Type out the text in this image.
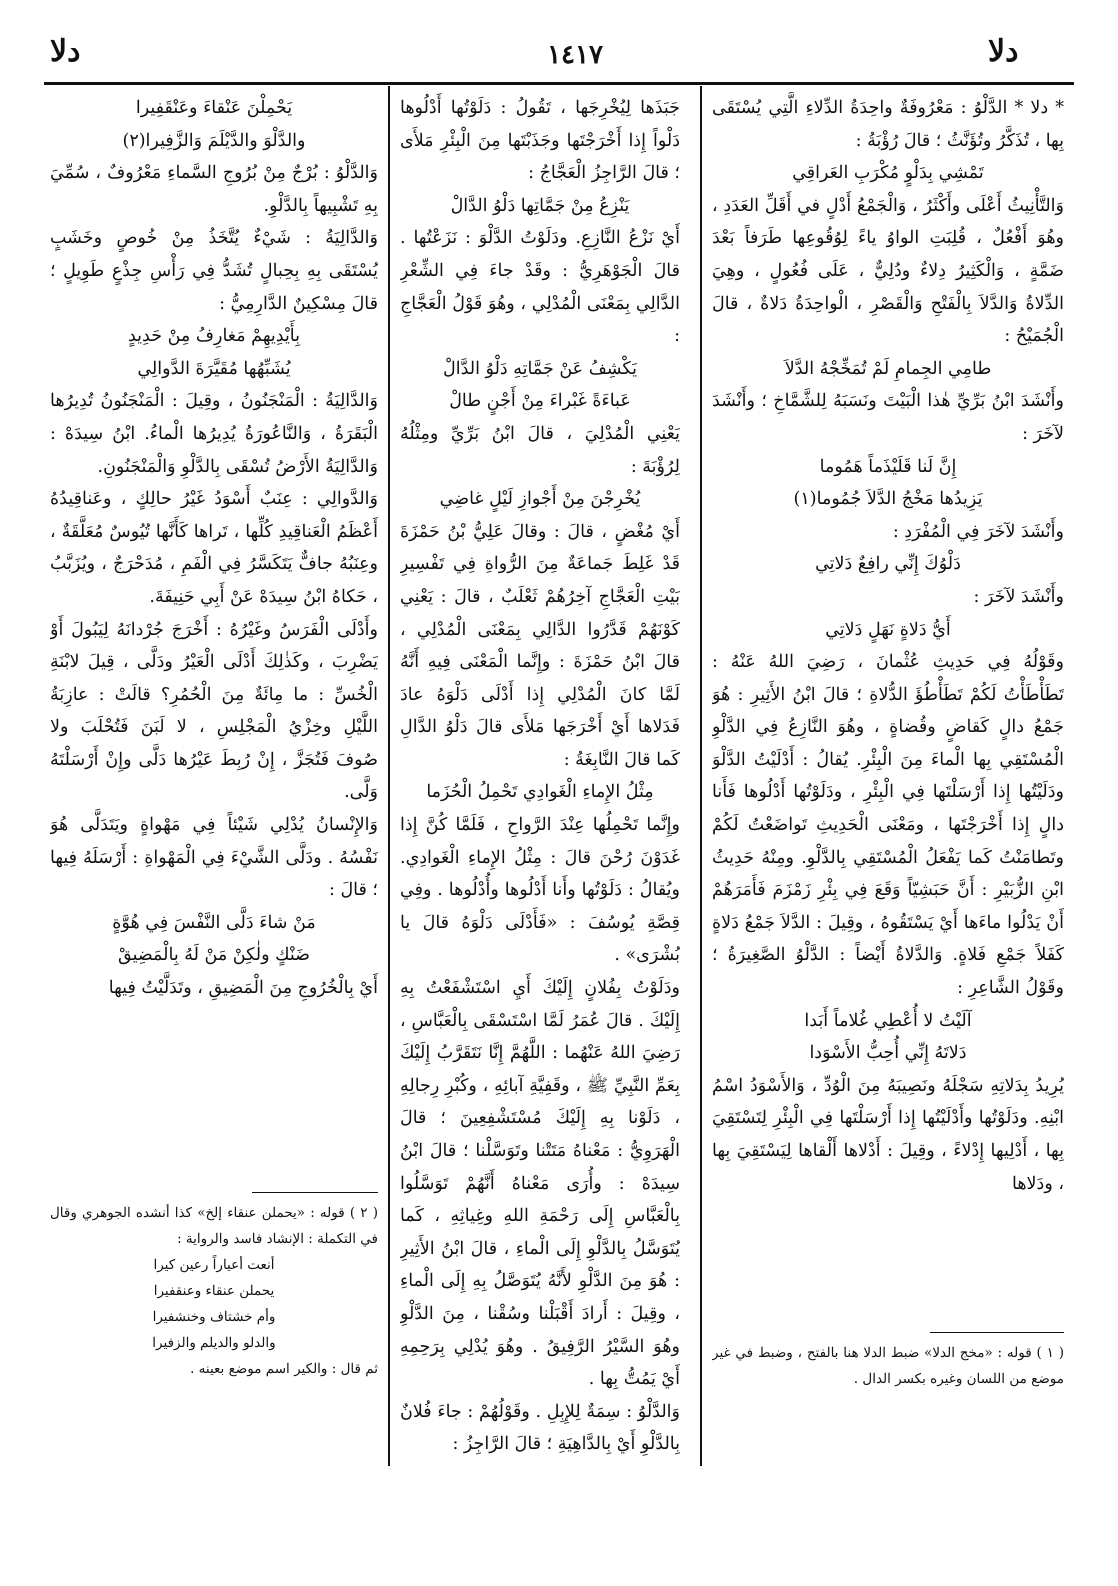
دلا
١٤١٧
دلا

* دلا * الدَّلْوُ : مَعْرُوفَةٌ واحِدَةُ الدِّلاءِ الَّتِي يُسْتَقَى بِها ، تُذَكَّرُ وتُؤَنَّثُ ؛ قالَ رُؤْبَةُ :

تَمْشِي بِدَلْوٍ مُكْرَبِ العَراقِي

وَالتَّأْنِيثُ أَعْلَى وأَكْثَرُ ، وَالْجَمْعُ أَدْلٍ في أَقَلِّ العَدَدِ ، وهُوَ أَفْعُلٌ ، قُلِبَتِ الواوُ ياءً لِوُقُوعِها طَرَفاً بَعْدَ ضَمَّةٍ ، وَالْكَثِيرُ دِلاءٌ ودُلِيٌّ ، عَلَى فُعُولٍ ، وهِيَ الدِّلاةُ وَالدَّلاَ بِالْفَتْحِ وَالْقَصْرِ ، الْواحِدَةُ دَلاةٌ ، قالَ الْجُمَيْحُ :

طامِي الجِمامِ لَمْ تُمَخِّجْهُ الدَّلاَ

وأَنْشَدَ ابْنُ بَرِّيِّ هٰذا الْبَيْتَ ونَسَبَهُ لِلشَّمَّاخِ ؛ وأَنْشَدَ لآخَرَ :

إِنَّ لَنا قَلَيْذَماً هَمُوما

يَزِيدُها مَخْجُ الدَّلاَ جُمُوما(١)

وأَنْشَدَ لآخَرَ فِي الْمُفْرَدِ :

دَلْوُكَ إِنِّي رافِعٌ دَلاتِي

وأَنْشَدَ لآخَرَ :

أَيُّ دَلاةٍ نَهَلٍ دَلاتِي

وقَوْلُهُ فِي حَدِيثِ عُثْمانَ ، رَضِيَ اللهُ عَنْهُ : تَطَأْطَأْتُ لَكُمْ تَطَأْطُؤَ الدُّلاةِ ؛ قالَ ابْنُ الأَثِيرِ : هُوَ جَمْعُ دالٍ كَقاضٍ وقُضاةٍ ، وهُوَ النَّازِعُ فِي الدَّلْوِ الْمُسْتَقِي بِها الْماءَ مِنَ الْبِئْرِ. يُقالُ : أَدْلَيْتُ الدَّلْوَ ودَلَيْتُها إِذا أَرْسَلْتَها فِي الْبِئْرِ ، ودَلَوْتُها أَدْلُوها فَأَنا دالٍ إِذا أَخْرَجْتَها ، ومَعْنَى الْحَدِيثِ تَواضَعْتُ لَكُمْ وتَطامَنْتُ كَما يَفْعَلُ الْمُسْتَقِي بِالدَّلْوِ. ومِنْهُ حَدِيثُ ابْنِ الزُّبَيْرِ : أَنَّ حَبَشِيّاً وَقَعَ فِي بِئْرِ زَمْزَمَ فَأَمَرَهُمْ أَنْ يَدْلُوا ماءَها أَيْ يَسْتَقُوهُ ، وقِيلَ : الدَّلاَ جَمْعُ دَلاةٍ كَفَلاً جَمْعِ فَلاةٍ. وَالدَّلاةُ أَيْضاً : الدَّلْوُ الصَّغِيرَةُ ؛ وقَوْلُ الشَّاعِرِ :

آلَيْتُ لا أُعْطِي غُلاماً أَبَدا

دَلاتَهُ إِنِّي أُحِبُّ الأَسْوَدا

يُرِيدُ بِدَلاتِهِ سَجْلَهُ ونَصِيبَهُ مِنَ الْوُدِّ ، وَالأَسْوَدُ اسْمُ ابْنِهِ. ودَلَوْتُها وأَدْلَيْتُها إِذا أَرْسَلْتَها فِي الْبِئْرِ لِتَسْتَقِيَ بِها ، أَدْلِيها إِدْلاءً ، وقِيلَ : أَدْلاها أَلْقاها لِيَسْتَقِيَ بِها ، ودَلاها

جَبَذَها لِيُخْرِجَها ، تَقُولُ : دَلَوْتُها أَدْلُوها دَلْواً إِذا أَخْرَجْتَها وجَذَبْتَها مِنَ الْبِئْرِ مَلأَى ؛ قالَ الرَّاجِزُ الْعَجَّاجُ :

يَنْزِعُ مِنْ جَمَّاتِها دَلْوُ الدَّالْ

أَيْ نَزْعُ النَّازِعِ. ودَلَوْتُ الدَّلْوَ : نَزَعْتُها . قالَ الْجَوْهَرِيُّ : وقَدْ جاءَ فِي الشِّعْرِ الدَّالِي بِمَعْنَى الْمُدْلِي ، وهُوَ قَوْلُ الْعَجَّاجِ :

يَكْشِفُ عَنْ جَمَّاتِهِ دَلْوُ الدَّالْ

عَباءَةً غَبْراءَ مِنْ أَجْنٍ طالْ

يَعْنِي الْمُدْلِيَ ، قالَ ابْنُ بَرِّيِّ ومِثْلُهُ لِرُؤْبَةَ :

يُخْرِجْنَ مِنْ أَجْوازِ لَيْلٍ غاضِي

أَيْ مُغْضٍ ، قالَ : وقالَ عَلِيُّ بْنُ حَمْزَةَ قَدْ غَلِطَ جَماعَةٌ مِنَ الرُّواةِ فِي تَفْسِيرِ بَيْتِ الْعَجَّاجِ آخِرُهُمْ ثَعْلَبٌ ، قالَ : يَعْنِي كَوْنَهُمْ قَدَّرُوا الدَّالِي بِمَعْنَى الْمُدْلِي ، قالَ ابْنُ حَمْزَةَ : وإِنَّما الْمَعْنَى فِيهِ أَنَّهُ لَمَّا كانَ الْمُدْلِي إِذا أَدْلَى دَلْوَهُ عادَ فَدَلاها أَيْ أَخْرَجَها مَلأَى قالَ دَلْوُ الدَّالِ كَما قالَ النَّابِغَةُ :

مِثْلُ الإِماءِ الْغَوادِي تَحْمِلُ الْحُزَما

وإِنَّما تَحْمِلُها عِنْدَ الرَّواحِ ، فَلَمَّا كُنَّ إِذا غَدَوْنَ رُحْنَ قالَ : مِثْلُ الإِماءِ الْغَوادِي. ويُقالُ : دَلَوْتُها وأَنا أَدْلُوها وأُدْلُوها . وفِي قِصَّةِ يُوسُفَ : «فَأَدْلَى دَلْوَهُ قالَ يا بُشْرَى» .

ودَلَوْتُ بِفُلانٍ إِلَيْكَ أَيِ اسْتَشْفَعْتُ بِهِ إِلَيْكَ . قالَ عُمَرُ لَمَّا اسْتَسْقَى بِالْعَبَّاسِ ، رَضِيَ اللهُ عَنْهُما : اللَّهُمَّ إِنَّا نَتَقَرَّبُ إِلَيْكَ بِعَمِّ النَّبِيِّ ﷺ ، وقَفِيَّةِ آبائِهِ ، وكُبْرِ رِجالِهِ ، دَلَوْنا بِهِ إِلَيْكَ مُسْتَشْفِعِينَ ؛ قالَ الْهَرَوِيُّ : مَعْناهُ مَتَتْنا وتَوَسَّلْنا ؛ قالَ ابْنُ سِيدَهْ : وأُرَى مَعْناهُ أَنَّهُمْ تَوَسَّلُوا بِالْعَبَّاسِ إِلَى رَحْمَةِ اللهِ وغِياثِهِ ، كَما يُتَوَسَّلُ بِالدَّلْوِ إِلَى الْماءِ ، قالَ ابْنُ الأَثِيرِ : هُوَ مِنَ الدَّلْوِ لأَنَّهُ يُتَوَصَّلُ بِهِ إِلَى الْماءِ ، وقِيلَ : أَرادَ أَقْبَلْنا وسُقْنا ، مِنَ الدَّلْوِ وهُوَ السَّيْرُ الرَّفِيقُ . وهُوَ يُدْلِي بِرَحِمِهِ أَيْ يَمُتُّ بِها .

وَالدَّلْوُ : سِمَةٌ لِلإِبِلِ . وقَوْلُهُمْ : جاءَ فُلانٌ بِالدَّلْوِ أَيْ بِالدَّاهِيَةِ ؛ قالَ الرَّاجِزُ :

يَحْمِلْنَ عَنْقاءَ وعَنْقَفِيرا

والدَّلْوَ والدَّيْلَمَ وَالزَّفِيرا(٢)

وَالدَّلْوُ : بُرْجٌ مِنْ بُرُوجِ السَّماءِ مَعْرُوفٌ ، سُمِّيَ بِهِ تَشْبِيهاً بِالدَّلْوِ.

وَالدَّالِيَةُ : شَيْءٌ يُتَّخَذُ مِنْ خُوصٍ وخَشَبٍ يُسْتَقَى بِهِ بِحِبالٍ تُشَدُّ فِي رَأْسِ جِذْعٍ طَوِيلٍ ؛ قالَ مِسْكِينٌ الدَّارِمِيُّ :

بِأَيْدِيهِمْ مَغارِفُ مِنْ حَدِيدٍ

يُشَبِّهُها مُقَيَّرَةَ الدَّوالِي

وَالدَّالِيَةُ : الْمَنْجَنُونُ ، وقِيلَ : الْمَنْجَنُونُ تُدِيرُها الْبَقَرَةُ ، وَالنَّاعُورَةُ يُدِيرُها الْماءُ. ابْنُ سِيدَهْ : وَالدَّالِيَةُ الأَرْضُ تُسْقَى بِالدَّلْوِ وَالْمَنْجَنُونِ.

وَالدَّوالِي : عِنَبٌ أَسْوَدُ غَيْرُ حالِكٍ ، وعَناقِيدُهُ أَعْظَمُ الْعَناقِيدِ كُلِّها ، تَراها كَأَنَّها تُيُوسٌ مُعَلَّقَةٌ ، وعِنَبُهُ جافٌّ يَتَكَسَّرُ فِي الْفَمِ ، مُدَحْرَجٌ ، ويُزَبَّبُ ، حَكاهُ ابْنُ سِيدَهْ عَنْ أَبِي حَنِيفَةَ.

وأَدْلَى الْفَرَسُ وغَيْرُهُ : أَخْرَجَ جُرْدانَهُ لِيَبُولَ أَوْ يَضْرِبَ ، وكَذٰلِكَ أَدْلَى الْعَيْرُ ودَلَّى ، قِيلَ لابْنَةِ الْخُسِّ : ما مِائَةٌ مِنَ الْحُمُرِ؟ قالَتْ : عازِبَةُ اللَّيْلِ وخِزْيُ الْمَجْلِسِ ، لا لَبَنَ فَتُحْلَبَ ولا صُوفَ فَتُجَزَّ ، إِنْ رُبِطَ عَيْرُها دَلَّى وإِنْ أَرْسَلْتَهُ وَلَّى.

وَالإِنْسانُ يُدْلِي شَيْئاً فِي مَهْواةٍ ويَتَدَلَّى هُوَ نَفْسُهُ . ودَلَّى الشَّيْءَ فِي الْمَهْواةِ : أَرْسَلَهُ فِيها ؛ قالَ :

مَنْ شاءَ دَلَّى النَّفْسَ فِي هُوَّةٍ

ضَنْكٍ ولٰكِنْ مَنْ لَهُ بِالْمَضِيقْ

أَيْ بِالْخُرُوجِ مِنَ الْمَضِيقِ ، وتَدَلَّيْتُ فِيها

( ١ ) قوله : «مخج الدلا» ضبط الدلا هنا بالفتح ، وضبط في غير موضع من اللسان وغيره بكسر الدال .

( ٢ ) قوله : «يحملن عنقاء إلخ» كذا أنشده الجوهري وقال في التكملة : الإنشاد فاسد والرواية :

أنعت أعياراً رعين كيرا

يحملن عنقاء وعنقفيرا

وأم خشتاف وخنشفيرا

والدلو والديلم والزفيرا

ثم قال : والكير اسم موضع بعينه .
